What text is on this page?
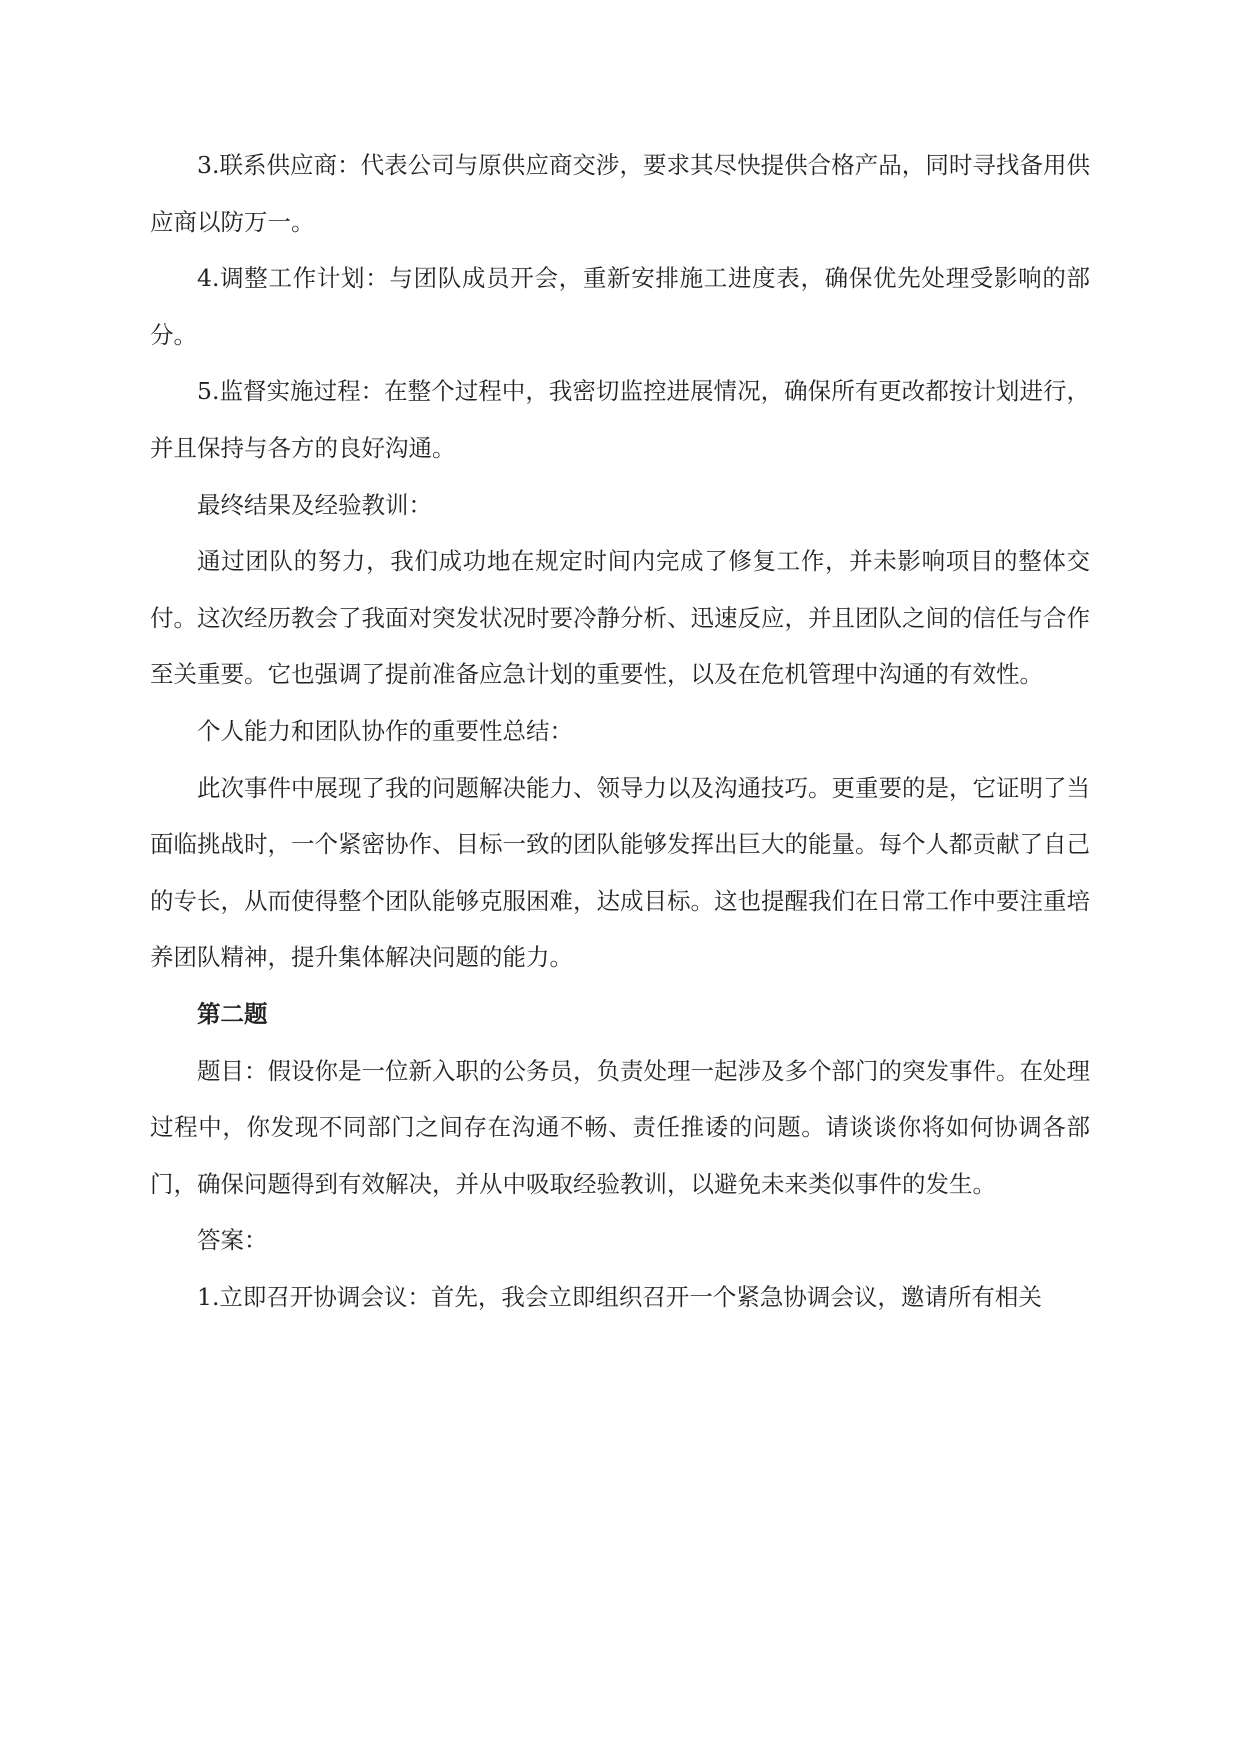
3.联系供应商：代表公司与原供应商交涉，要求其尽快提供合格产品，同时寻找备用供应商以防万一。

4.调整工作计划：与团队成员开会，重新安排施工进度表，确保优先处理受影响的部分。

5.监督实施过程：在整个过程中，我密切监控进展情况，确保所有更改都按计划进行，并且保持与各方的良好沟通。

最终结果及经验教训：

通过团队的努力，我们成功地在规定时间内完成了修复工作，并未影响项目的整体交付。这次经历教会了我面对突发状况时要冷静分析、迅速反应，并且团队之间的信任与合作至关重要。它也强调了提前准备应急计划的重要性，以及在危机管理中沟通的有效性。

个人能力和团队协作的重要性总结：

此次事件中展现了我的问题解决能力、领导力以及沟通技巧。更重要的是，它证明了当面临挑战时，一个紧密协作、目标一致的团队能够发挥出巨大的能量。每个人都贡献了自己的专长，从而使得整个团队能够克服困难，达成目标。这也提醒我们在日常工作中要注重培养团队精神，提升集体解决问题的能力。

第二题

题目：假设你是一位新入职的公务员，负责处理一起涉及多个部门的突发事件。在处理过程中，你发现不同部门之间存在沟通不畅、责任推诿的问题。请谈谈你将如何协调各部门，确保问题得到有效解决，并从中吸取经验教训，以避免未来类似事件的发生。

答案：

1.立即召开协调会议：首先，我会立即组织召开一个紧急协调会议，邀请所有相关
